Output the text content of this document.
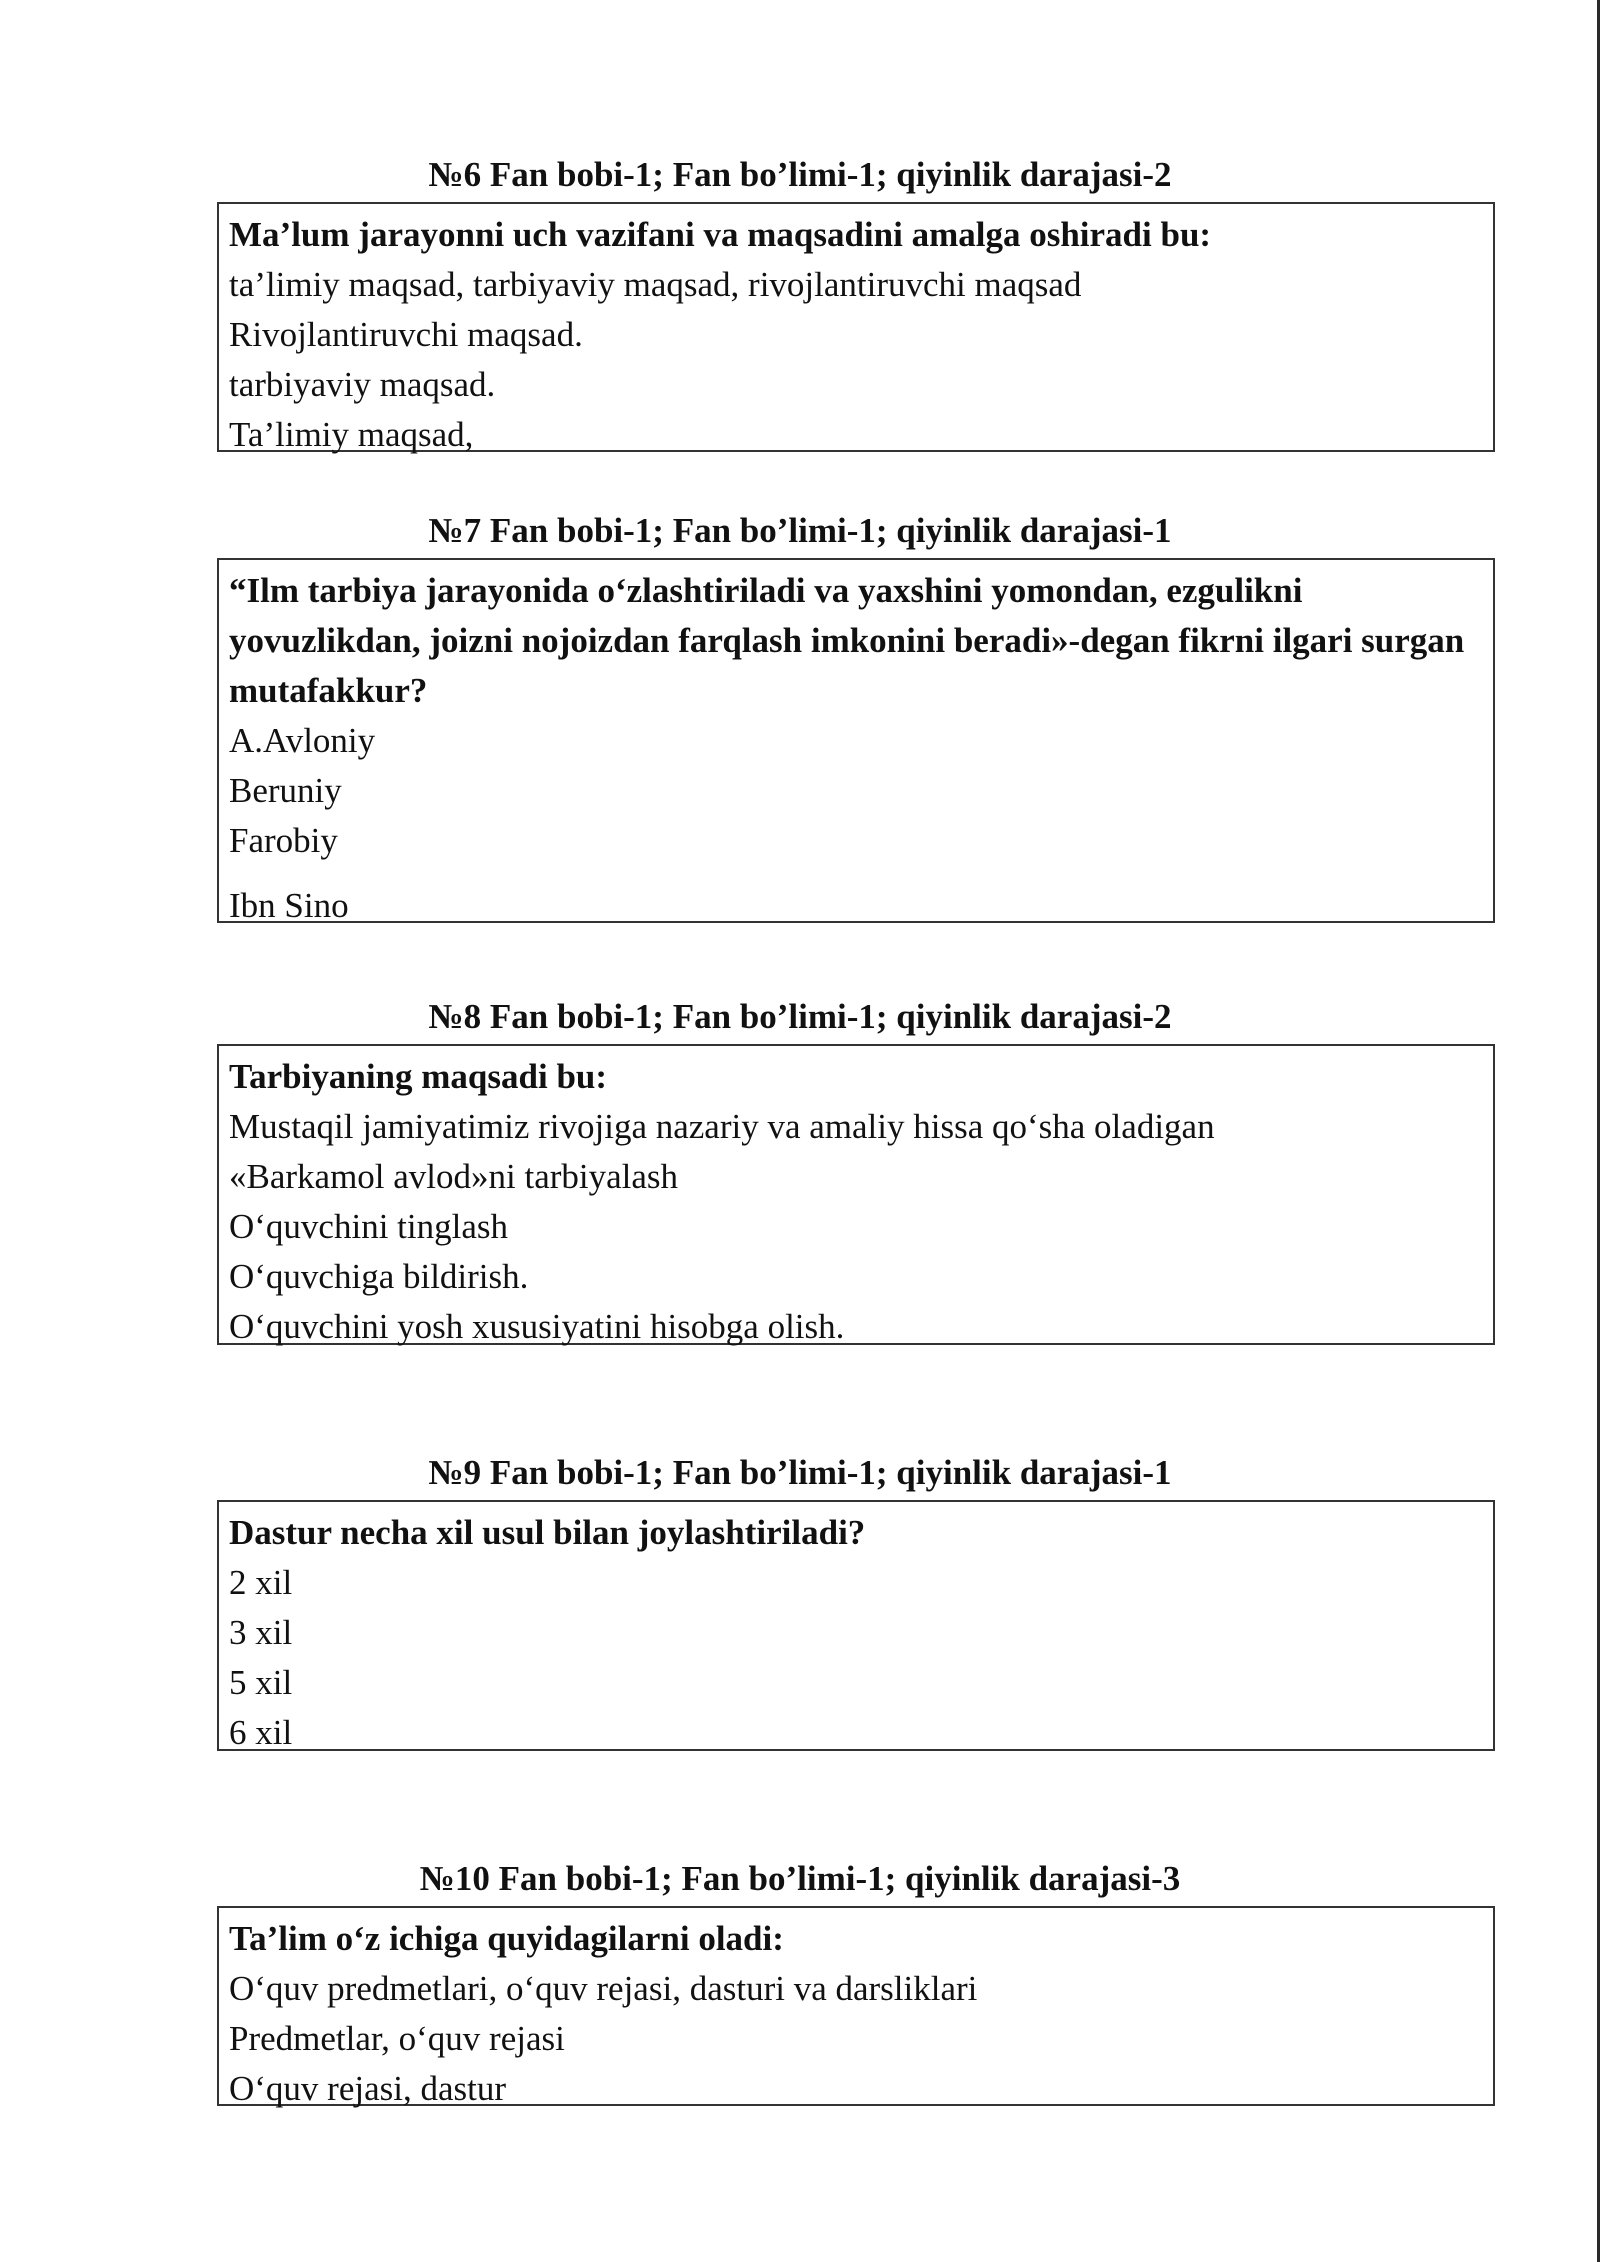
№6 Fan bobi-1; Fan bo’limi-1; qiyinlik darajasi-2
Ma’lum jarayonni uch vazifani va maqsadini amalga oshiradi bu:
ta’limiy maqsad, tarbiyaviy maqsad, rivojlantiruvchi maqsad
Rivojlantiruvchi maqsad.
tarbiyaviy maqsad.
Ta’limiy maqsad,
№7 Fan bobi-1; Fan bo’limi-1; qiyinlik darajasi-1
“Ilm tarbiya jarayonida o‘zlashtiriladi va yaxshini yomondan, ezgulikni yovuzlikdan, joizni nojoizdan farqlash imkonini beradi»-degan fikrni ilgari surgan mutafakkur?
A.Avloniy
Beruniy
Farobiy
Ibn Sino
№8 Fan bobi-1; Fan bo’limi-1; qiyinlik darajasi-2
Tarbiyaning maqsadi bu:
Mustaqil jamiyatimiz rivojiga nazariy va amaliy hissa qo‘sha oladigan
«Barkamol avlod»ni tarbiyalash
O‘quvchini tinglash
O‘quvchiga bildirish.
O‘quvchini yosh xususiyatini hisobga olish.
№9 Fan bobi-1; Fan bo’limi-1; qiyinlik darajasi-1
Dastur necha xil usul bilan joylashtiriladi?
2 xil
3 xil
5 xil
6 xil
№10 Fan bobi-1; Fan bo’limi-1; qiyinlik darajasi-3
Ta’lim o‘z ichiga quyidagilarni oladi:
O‘quv predmetlari, o‘quv rejasi, dasturi va darsliklari
Predmetlar, o‘quv rejasi
O‘quv rejasi, dastur
